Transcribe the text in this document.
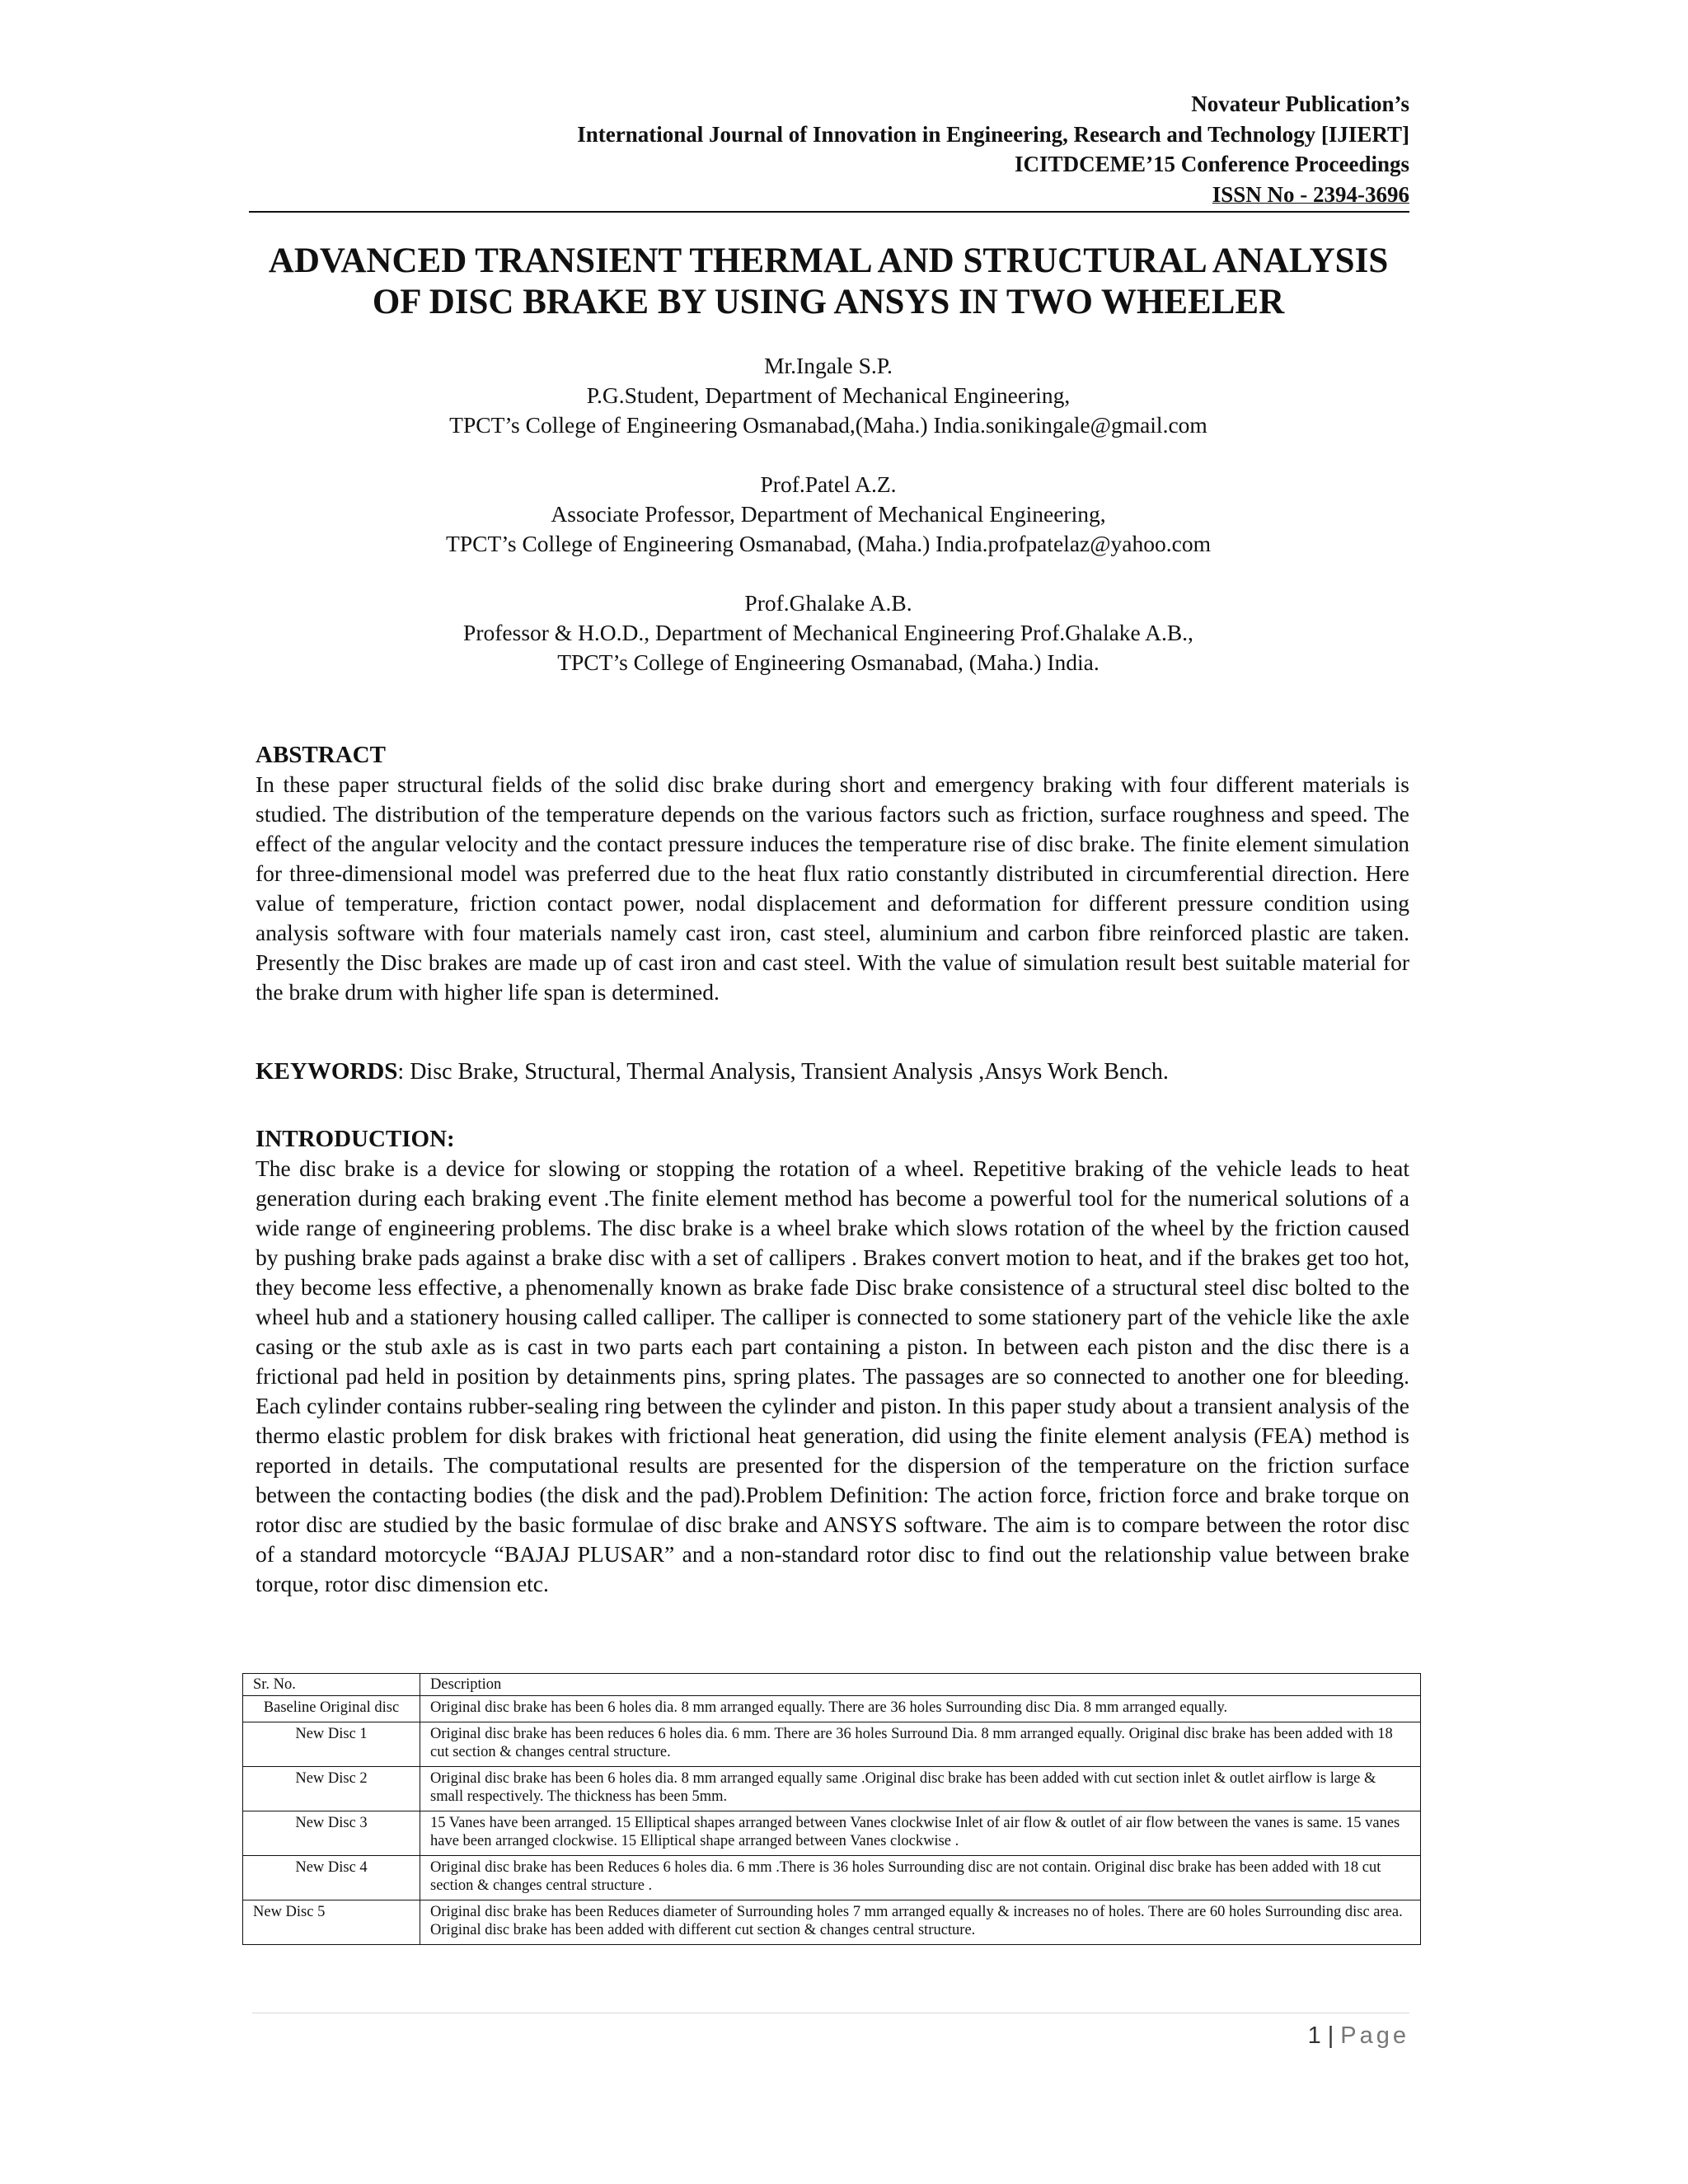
Novateur Publication’s
International Journal of Innovation in Engineering, Research and Technology [IJIERT]
ICITDCEME’15 Conference Proceedings
ISSN No - 2394-3696
ADVANCED TRANSIENT THERMAL AND STRUCTURAL ANALYSIS
OF DISC BRAKE BY USING ANSYS IN TWO WHEELER
Mr.Ingale S.P.
P.G.Student, Department of Mechanical Engineering,
TPCT’s College of Engineering Osmanabad,(Maha.) India.sonikingale@gmail.com
Prof.Patel A.Z.
Associate Professor, Department of Mechanical Engineering,
TPCT’s College of Engineering Osmanabad, (Maha.) India.profpatelaz@yahoo.com
Prof.Ghalake A.B.
Professor & H.O.D., Department of Mechanical Engineering Prof.Ghalake A.B.,
TPCT’s College of Engineering Osmanabad, (Maha.) India.
ABSTRACT
In these paper structural fields of the solid disc brake during short and emergency braking with four different materials is studied. The distribution of the temperature depends on the various factors such as friction, surface roughness and speed. The effect of the angular velocity and the contact pressure induces the temperature rise of disc brake. The finite element simulation for three-dimensional model was preferred due to the heat flux ratio constantly distributed in circumferential direction. Here value of temperature, friction contact power, nodal displacement and deformation for different pressure condition using analysis software with four materials namely cast iron, cast steel, aluminium and carbon fibre reinforced plastic are taken. Presently the Disc brakes are made up of cast iron and cast steel. With the value of simulation result best suitable material for the brake drum with higher life span is determined.
KEYWORDS: Disc Brake, Structural, Thermal Analysis, Transient Analysis ,Ansys Work Bench.
INTRODUCTION:
The disc brake is a device for slowing or stopping the rotation of a wheel. Repetitive braking of the vehicle leads to heat generation during each braking event .The finite element method has become a powerful tool for the numerical solutions of a wide range of engineering problems. The disc brake is a wheel brake which slows rotation of the wheel by the friction caused by pushing brake pads against a brake disc with a set of callipers . Brakes convert motion to heat, and if the brakes get too hot, they become less effective, a phenomenally known as brake fade Disc brake consistence of a structural steel disc bolted to the wheel hub and a stationery housing called calliper. The calliper is connected to some stationery part of the vehicle like the axle casing or the stub axle as is cast in two parts each part containing a piston. In between each piston and the disc there is a frictional pad held in position by detainments pins, spring plates. The passages are so connected to another one for bleeding. Each cylinder contains rubber-sealing ring between the cylinder and piston. In this paper study about a transient analysis of the thermo elastic problem for disk brakes with frictional heat generation, did using the finite element analysis (FEA) method is reported in details. The computational results are presented for the dispersion of the temperature on the friction surface between the contacting bodies (the disk and the pad).Problem Definition: The action force, friction force and brake torque on rotor disc are studied by the basic formulae of disc brake and ANSYS software. The aim is to compare between the rotor disc of a standard motorcycle “BAJAJ PLUSAR” and a non-standard rotor disc to find out the relationship value between brake torque, rotor disc dimension etc.
Sr. No.	Description
Baseline Original disc	Original disc brake has been 6 holes dia. 8 mm arranged equally. There are 36 holes Surrounding disc Dia. 8 mm arranged equally.
New Disc 1	Original disc brake has been reduces 6 holes dia. 6 mm. There are 36 holes Surround Dia. 8 mm arranged equally. Original disc brake has been added with 18 cut section & changes central structure.
New Disc 2	Original disc brake has been 6 holes dia. 8 mm arranged equally same .Original disc brake has been added with cut section inlet & outlet airflow is large & small respectively. The thickness has been 5mm.
New Disc 3	15 Vanes have been arranged. 15 Elliptical shapes arranged between Vanes clockwise Inlet of air flow & outlet of air flow between the vanes is same. 15 vanes have been arranged clockwise. 15 Elliptical shape arranged between Vanes clockwise .
New Disc 4	Original disc brake has been Reduces 6 holes dia. 6 mm .There is 36 holes Surrounding disc are not contain. Original disc brake has been added with 18 cut section & changes central structure .
New Disc 5	Original disc brake has been Reduces diameter of Surrounding holes 7 mm arranged equally & increases no of holes. There are 60 holes Surrounding disc area. Original disc brake has been added with different cut section & changes central structure.
1 | Page
